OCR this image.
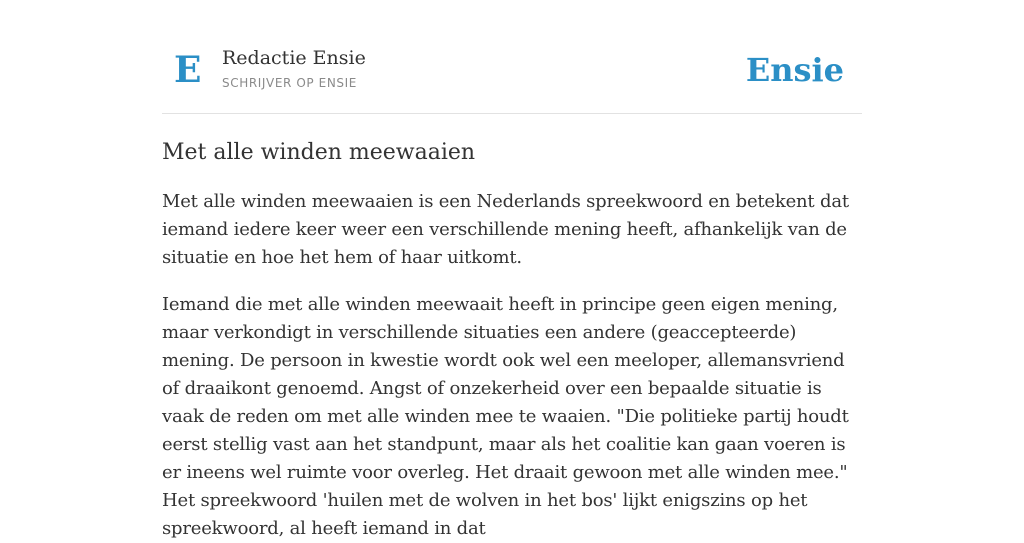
E Redactie Ensie
SCHRIJVER OP ENSIE	Ensie
Met alle winden meewaaien

Met alle winden meewaaien is een Nederlands spreekwoord en betekent dat iemand iedere keer weer een verschillende mening heeft, afhankelijk van de situatie en hoe het hem of haar uitkomt.

Iemand die met alle winden meewaait heeft in principe geen eigen mening, maar verkondigt in verschillende situaties een andere (geaccepteerde) mening. De persoon in kwestie wordt ook wel een meeloper, allemansvriend of draaikont genoemd. Angst of onzekerheid over een bepaalde situatie is vaak de reden om met alle winden mee te waaien. "Die politieke partij houdt eerst stellig vast aan het standpunt, maar als het coalitie kan gaan voeren is er ineens wel ruimte voor overleg. Het draait gewoon met alle winden mee." Het spreekwoord 'huilen met de wolven in het bos' lijkt enigszins op het spreekwoord, al heeft iemand in dat
